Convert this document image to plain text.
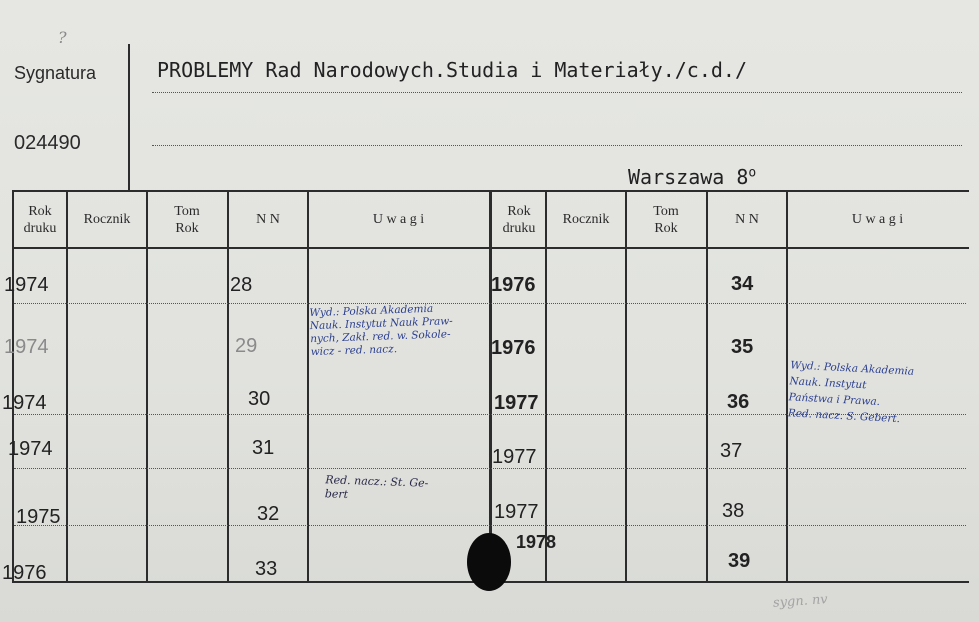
?
Sygnatura
024490
PROBLEMY Rad Narodowych.Studia i Materiały./c.d./
Warszawa 8$^o$
Rok
druku
Rocznik
Tom
Rok
N N	U w a g i
Rok
druku
Rocznik
Tom
Rok
N N	U w a g i
1974
1974
1974
1974
1975
1976
28
29
30
31
32
33
1976
1976
1977
1977
1977
1978
34
35
36
37
38
39
Wyd.: Polska Akademia
Nauk. Instytut Nauk Praw-
nych, Zakł. red. w. Sokole-
wicz - red. nacz.
Red. nacz.: St. Ge-
bert
Wyd.: Polska Akademia
Nauk. Instytut
Państwa i Prawa.
Red. nacz. S. Gebert.
sygn. nv
